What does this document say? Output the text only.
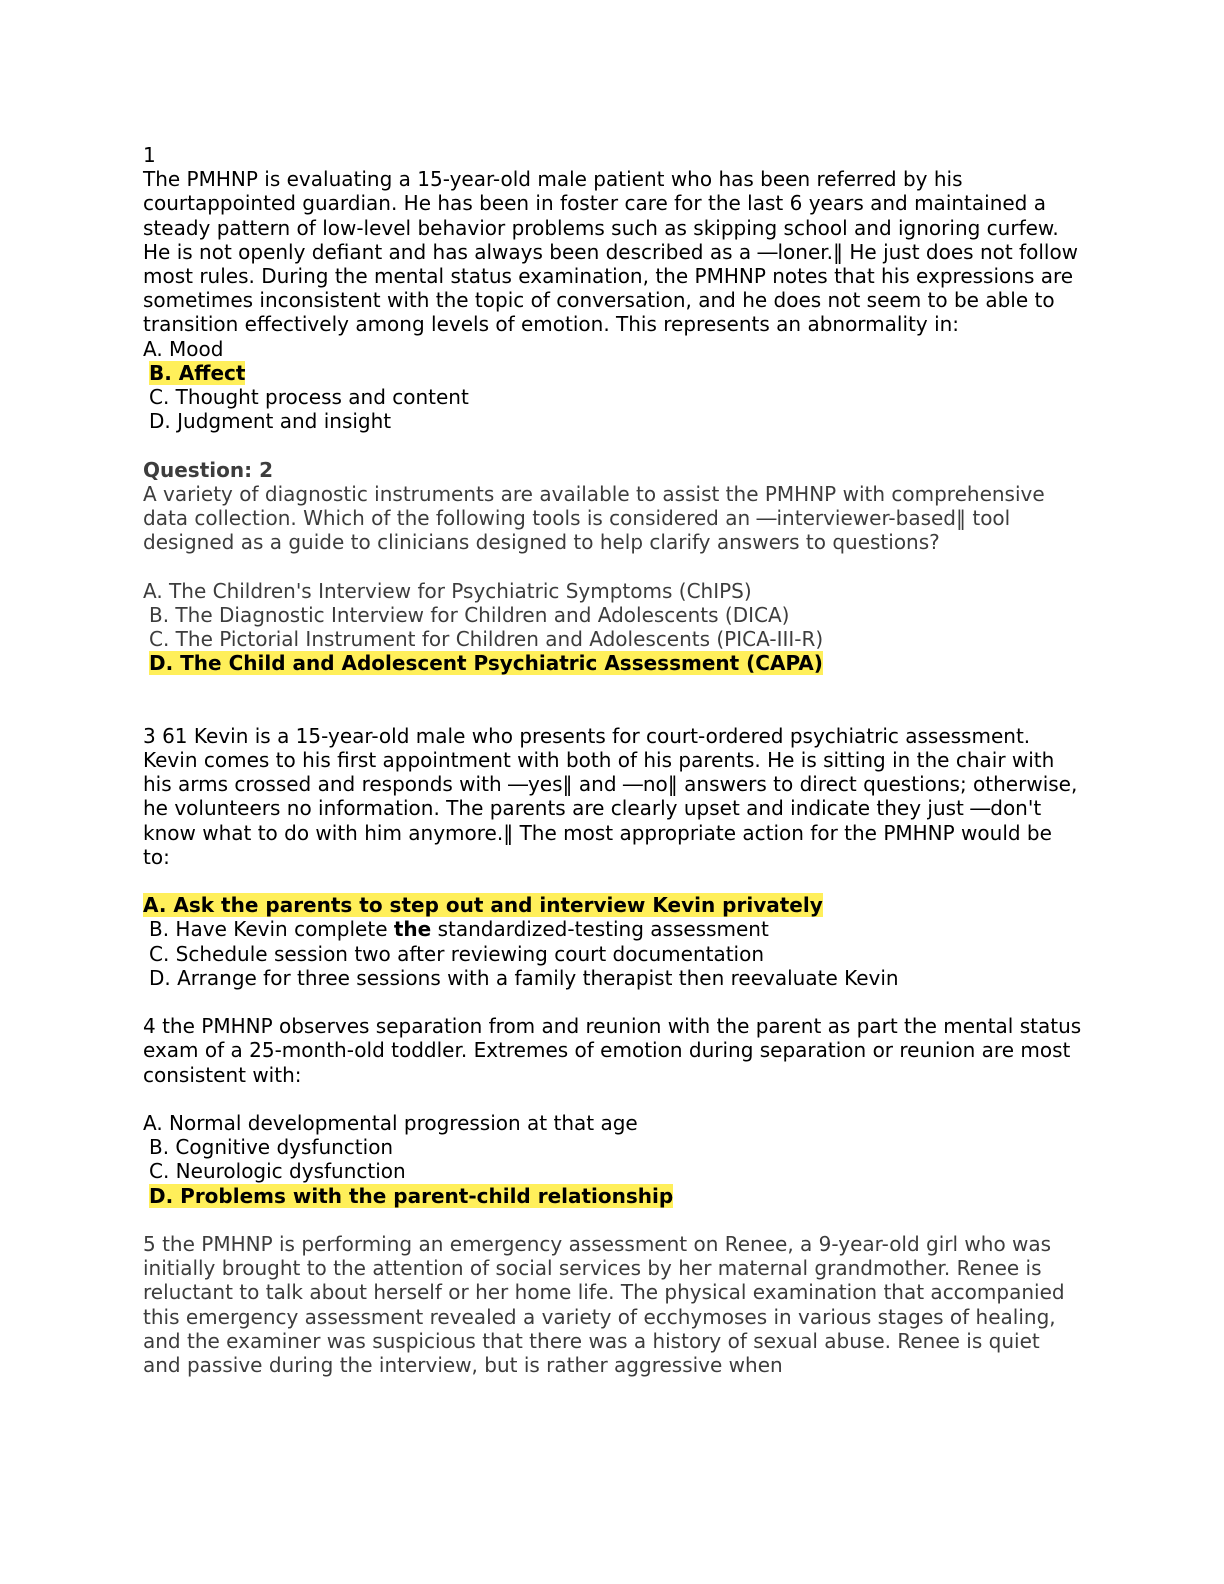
1

The PMHNP is evaluating a 15-year-old male patient who has been referred by his courtappointed guardian. He has been in foster care for the last 6 years and maintained a steady pattern of low-level behavior problems such as skipping school and ignoring curfew. He is not openly defiant and has always been described as a ―loner.‖ He just does not follow most rules. During the mental status examination, the PMHNP notes that his expressions are sometimes inconsistent with the topic of conversation, and he does not seem to be able to transition effectively among levels of emotion. This represents an abnormality in:

A. Mood
B. Affect
C. Thought process and content
D. Judgment and insight

Question: 2

A variety of diagnostic instruments are available to assist the PMHNP with comprehensive data collection. Which of the following tools is considered an ―interviewer-based‖ tool designed as a guide to clinicians designed to help clarify answers to questions?

A. The Children's Interview for Psychiatric Symptoms (ChIPS)
B. The Diagnostic Interview for Children and Adolescents (DICA)
C. The Pictorial Instrument for Children and Adolescents (PICA-III-R)
D. The Child and Adolescent Psychiatric Assessment (CAPA)

3 61 Kevin is a 15-year-old male who presents for court-ordered psychiatric assessment. Kevin comes to his first appointment with both of his parents. He is sitting in the chair with his arms crossed and responds with ―yes‖ and ―no‖ answers to direct questions; otherwise, he volunteers no information. The parents are clearly upset and indicate they just ―don't know what to do with him anymore.‖ The most appropriate action for the PMHNP would be to:

A. Ask the parents to step out and interview Kevin privately
B. Have Kevin complete the standardized-testing assessment
C. Schedule session two after reviewing court documentation
D. Arrange for three sessions with a family therapist then reevaluate Kevin

4 the PMHNP observes separation from and reunion with the parent as part the mental status exam of a 25-month-old toddler. Extremes of emotion during separation or reunion are most consistent with:

A. Normal developmental progression at that age
B. Cognitive dysfunction
C. Neurologic dysfunction
D. Problems with the parent-child relationship

5 the PMHNP is performing an emergency assessment on Renee, a 9-year-old girl who was initially brought to the attention of social services by her maternal grandmother. Renee is reluctant to talk about herself or her home life. The physical examination that accompanied this emergency assessment revealed a variety of ecchymoses in various stages of healing, and the examiner was suspicious that there was a history of sexual abuse. Renee is quiet and passive during the interview, but is rather aggressive when
